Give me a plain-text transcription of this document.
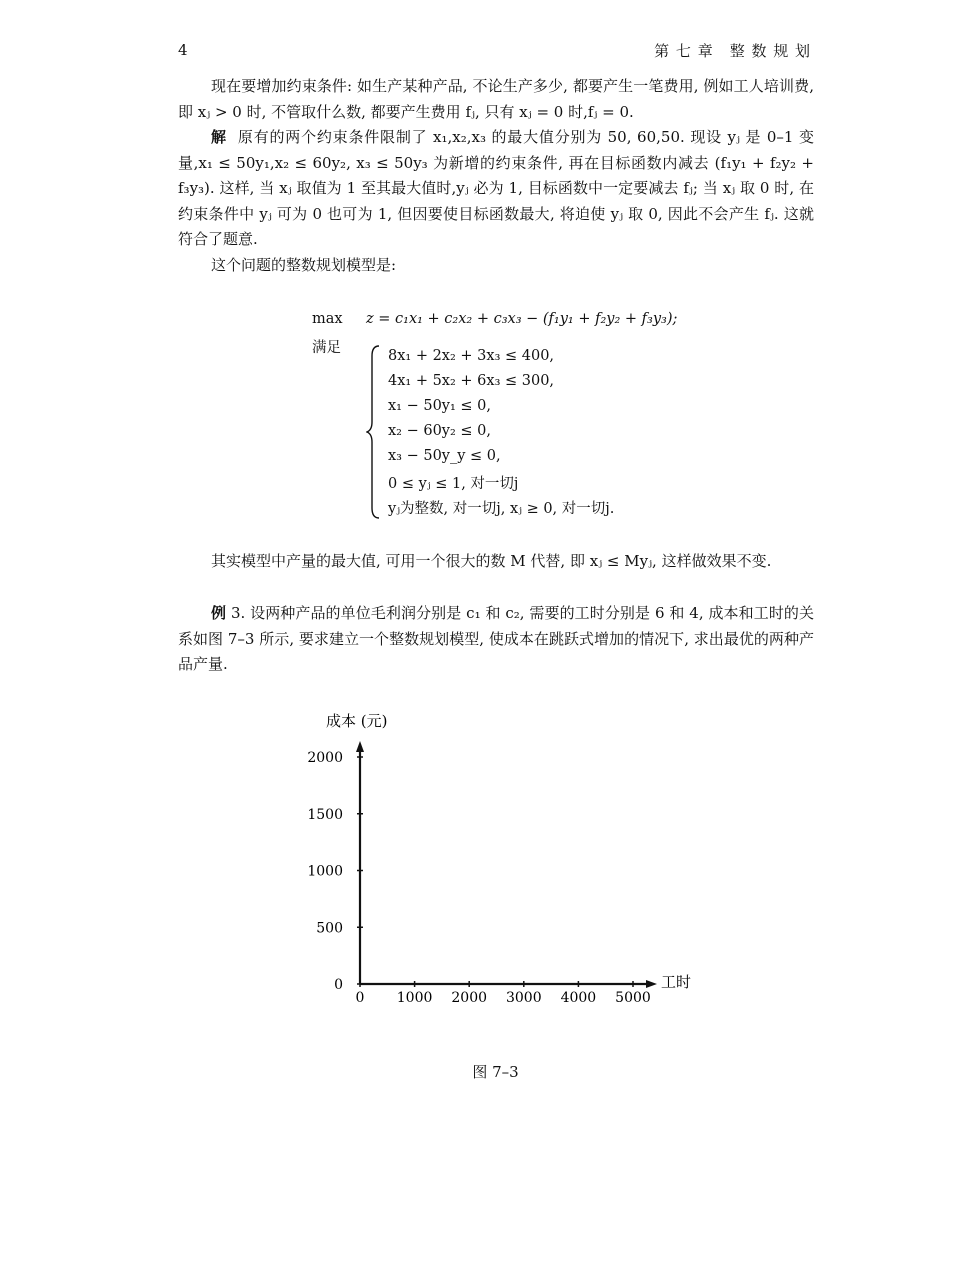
4	第 七 章　整 数 规 划
现在要增加约束条件: 如生产某种产品, 不论生产多少, 都要产生一笔费用, 例如工人培训费, 即 xⱼ > 0 时, 不管取什么数, 都要产生费用 fⱼ, 只有 xⱼ = 0 时,fⱼ = 0.
解 原有的两个约束条件限制了 x₁,x₂,x₃ 的最大值分别为 50, 60,50. 现设 yⱼ 是 0–1 变量,x₁ ≤ 50y₁,x₂ ≤ 60y₂, x₃ ≤ 50y₃ 为新增的约束条件, 再在目标函数内减去 (f₁y₁ + f₂y₂ + f₃y₃). 这样, 当 xⱼ 取值为 1 至其最大值时,yⱼ 必为 1, 目标函数中一定要减去 fⱼ; 当 xⱼ 取 0 时, 在约束条件中 yⱼ 可为 0 也可为 1, 但因要使目标函数最大, 将迫使 yⱼ 取 0, 因此不会产生 fⱼ. 这就符合了题意.
这个问题的整数规划模型是:
max z = c₁x₁ + c₂x₂ + c₃x₃ − (f₁y₁ + f₂y₂ + f₃y₃);
满足	8x₁ + 2x₂ + 3x₃ ≤ 400,
4x₁ + 5x₂ + 6x₃ ≤ 300,
x₁ − 50y₁ ≤ 0,
x₂ − 60y₂ ≤ 0,
x₃ − 50y_y ≤ 0,
0 ≤ yⱼ ≤ 1, 对一切j
yⱼ为整数, 对一切j, xⱼ ≥ 0, 对一切j.
其实模型中产量的最大值, 可用一个很大的数 M 代替, 即 xⱼ ≤ Myⱼ, 这样做效果不变.
例 3. 设两种产品的单位毛利润分别是 c₁ 和 c₂, 需要的工时分别是 6 和 4, 成本和工时的关系如图 7–3 所示, 要求建立一个整数规划模型, 使成本在跳跃式增加的情况下, 求出最优的两种产品产量.
成本 (元)
工时
0 1000 2000 3000 4000 5000
0
500
1000
1500
2000
图 7–3
